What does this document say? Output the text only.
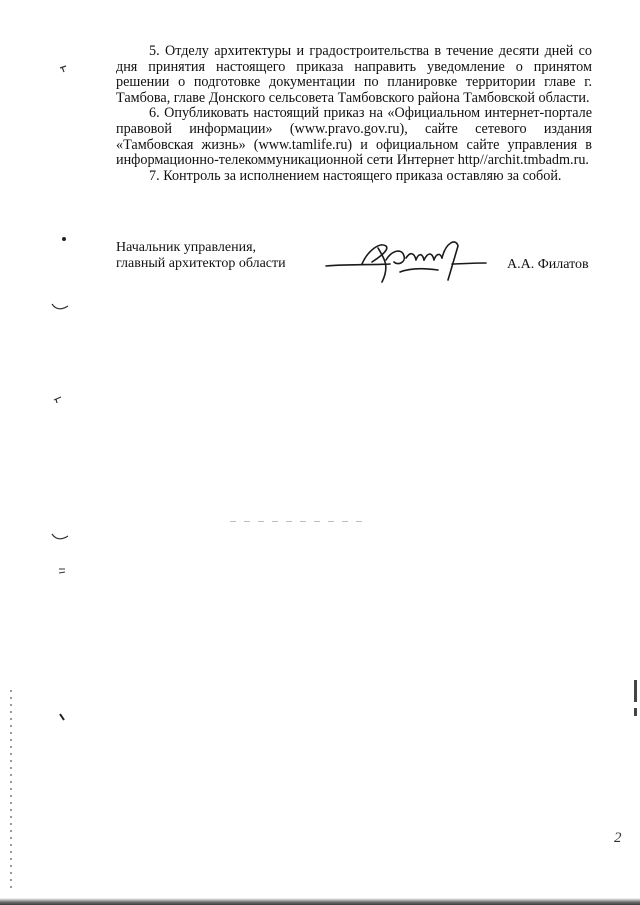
5. Отделу архитектуры и градостроительства в течение десяти дней со дня принятия настоящего приказа направить уведомление о принятом решении о подготовке документации по планировке территории главе г. Тамбова, главе Донского сельсовета Тамбовского района Тамбовской области.

6. Опубликовать настоящий приказ на «Официальном интернет-портале правовой информации» (www.pravo.gov.ru), сайте сетевого издания «Тамбовская жизнь» (www.tamlife.ru) и официальном сайте управления в информационно-телекоммуникационной сети Интернет http//archit.tmbadm.ru.

7. Контроль за исполнением настоящего приказа оставляю за собой.

Начальник управления,
главный архитектор области	А.А. Филатов
2
